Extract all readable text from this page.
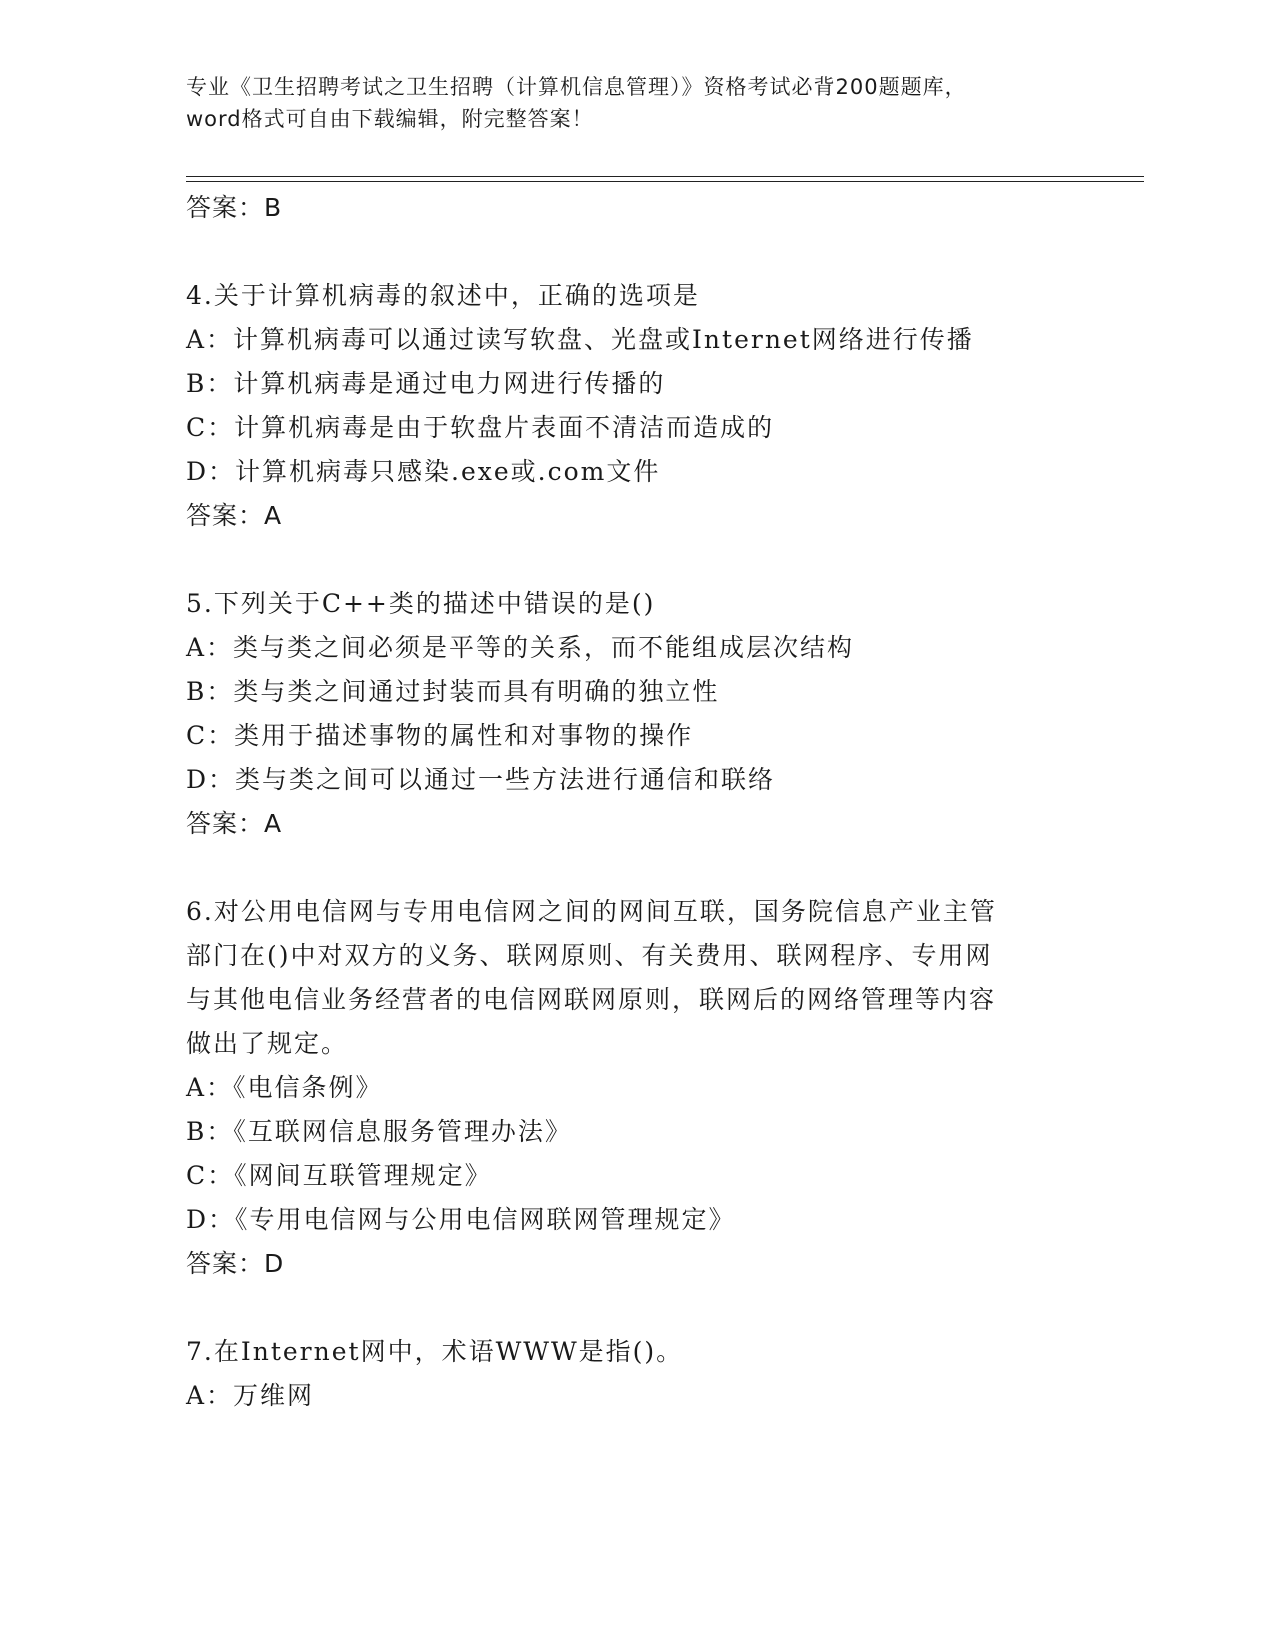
专业《卫生招聘考试之卫生招聘（计算机信息管理）》资格考试必背200题题库，
word格式可自由下载编辑，附完整答案！
答案：B
4.关于计算机病毒的叙述中，正确的选项是
A：计算机病毒可以通过读写软盘、光盘或Internet网络进行传播
B：计算机病毒是通过电力网进行传播的
C：计算机病毒是由于软盘片表面不清洁而造成的
D：计算机病毒只感染.exe或.com文件
答案：A
5.下列关于C++类的描述中错误的是()
A：类与类之间必须是平等的关系，而不能组成层次结构
B：类与类之间通过封装而具有明确的独立性
C：类用于描述事物的属性和对事物的操作
D：类与类之间可以通过一些方法进行通信和联络
答案：A
6.对公用电信网与专用电信网之间的网间互联，国务院信息产业主管
部门在()中对双方的义务、联网原则、有关费用、联网程序、专用网
与其他电信业务经营者的电信网联网原则，联网后的网络管理等内容
做出了规定。
A：《电信条例》
B：《互联网信息服务管理办法》
C：《网间互联管理规定》
D：《专用电信网与公用电信网联网管理规定》
答案：D
7.在Internet网中，术语WWW是指()。
A：万维网
